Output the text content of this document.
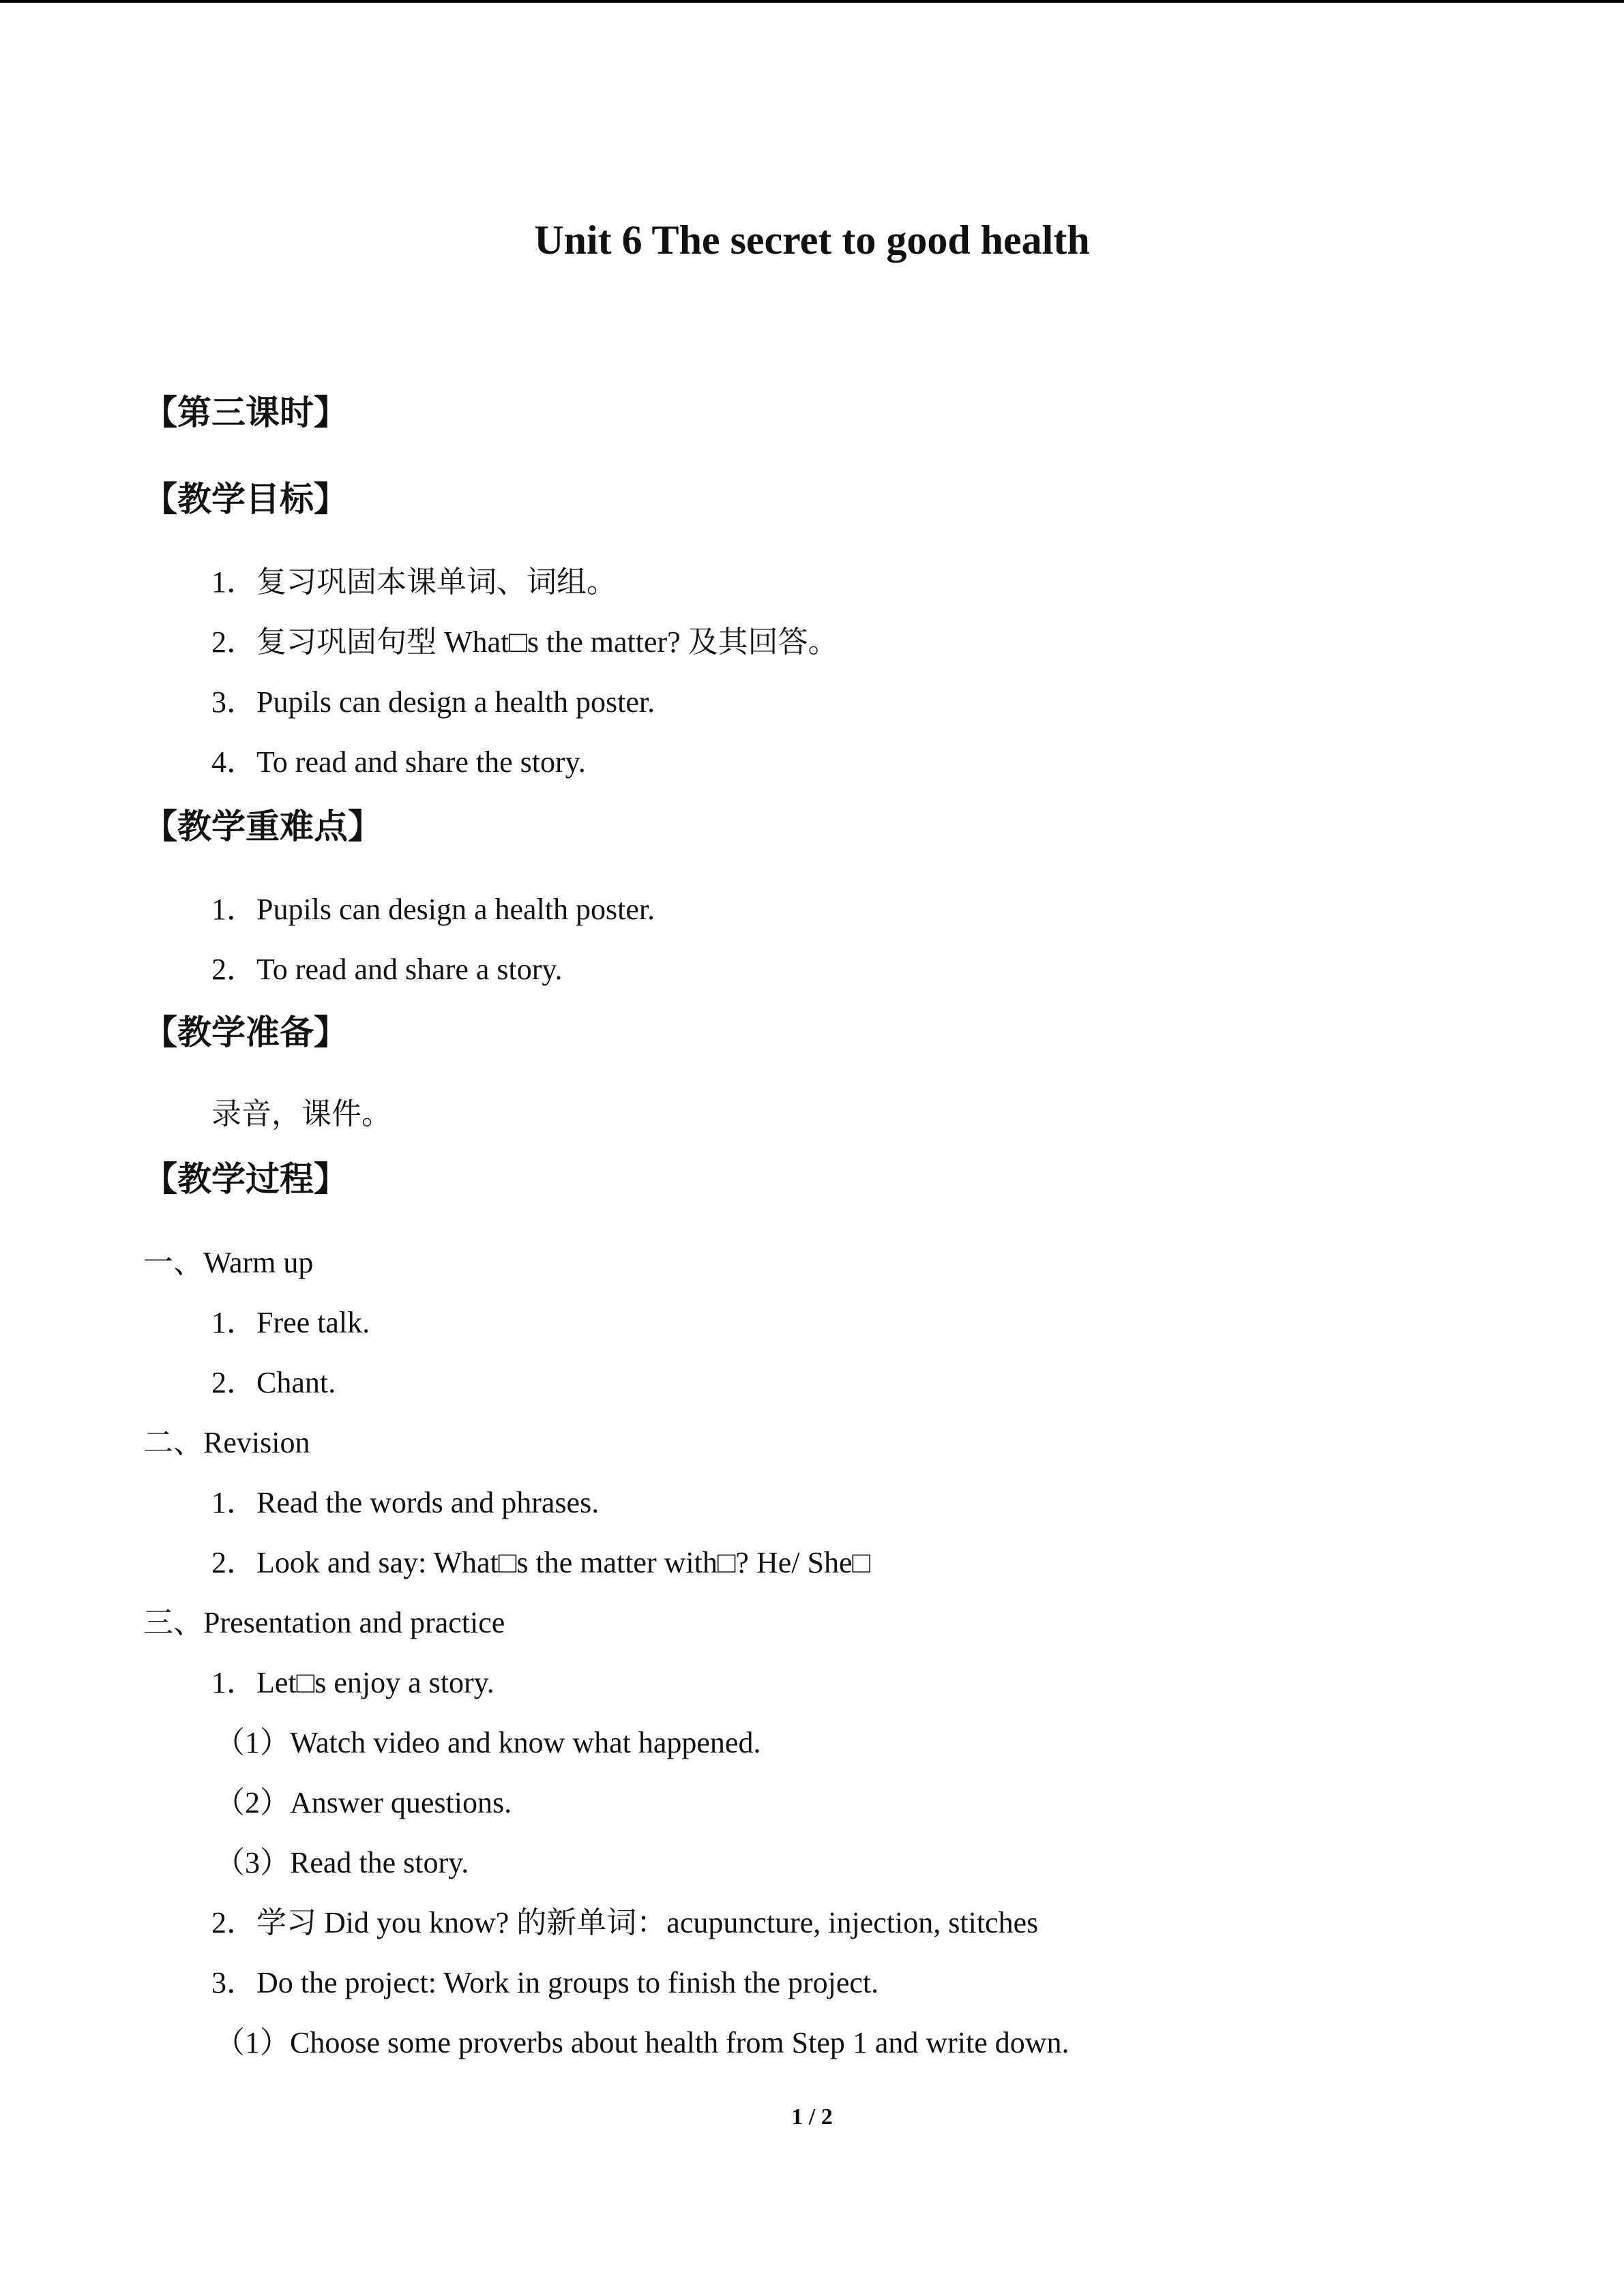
Unit 6 The secret to good health
【第三课时】
【教学目标】
1．复习巩固本课单词、词组。
2．复习巩固句型 What□s the matter? 及其回答。
3．Pupils can design a health poster.
4．To read and share the story.
【教学重难点】
1．Pupils can design a health poster.
2．To read and share a story.
【教学准备】
录音，课件。
【教学过程】
一、Warm up
1．Free talk.
2．Chant.
二、Revision
1．Read the words and phrases.
2．Look and say: What□s the matter with□? He/ She□
三、Presentation and practice
1．Let□s enjoy a story.
（1）Watch video and know what happened.
（2）Answer questions.
（3）Read the story.
2．学习 Did you know? 的新单词：acupuncture, injection, stitches
3．Do the project: Work in groups to finish the project.
（1）Choose some proverbs about health from Step 1 and write down.
1 / 2
